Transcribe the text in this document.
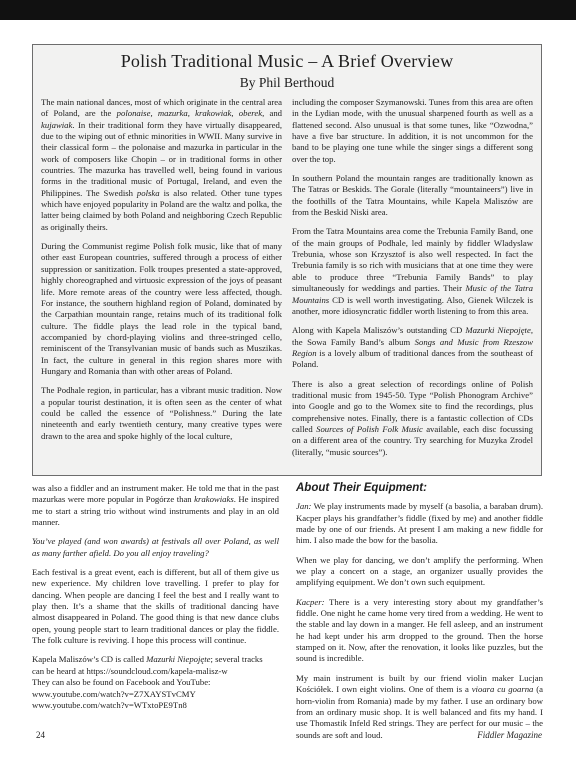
Polish Traditional Music – A Brief Overview
By Phil Berthoud

The main national dances, most of which originate in the central area of Poland, are the polonaise, mazurka, krakowiak, oberek, and kujawiak. In their traditional form they have virtually disappeared, due to the wiping out of ethnic minorities in WWII. Many survive in their classical form – the polonaise and mazurka in particular in the work of composers like Chopin – or in traditional forms in other countries. The mazurka has travelled well, being found in various forms in the traditional music of Portugal, Ireland, and even the Philippines. The Swedish polska is also related. Other tune types which have enjoyed popularity in Poland are the waltz and polka, the latter being claimed by both Poland and neighboring Czech Republic as originally theirs.

During the Communist regime Polish folk music, like that of many other east European countries, suffered through a process of either suppression or sanitization. Folk troupes presented a state-approved, highly choreographed and virtuosic expression of the joys of peasant life. More remote areas of the country were less affected, though. For instance, the southern highland region of Poland, dominated by the Carpathian mountain range, retains much of its traditional folk culture. The fiddle plays the lead role in the typical band, accompanied by chord-playing violins and three-stringed cello, reminiscent of the Transylvanian music of bands such as Muszikas. In fact, the culture in general in this region shares more with Hungary and Romania than with other areas of Poland.

The Podhale region, in particular, has a vibrant music tradition. Now a popular tourist destination, it is often seen as the center of what could be called the essence of “Polishness.” During the late nineteenth and early twentieth century, many creative types were drawn to the area and spoke highly of the local culture,

including the composer Szymanowski. Tunes from this area are often in the Lydian mode, with the unusual sharpened fourth as well as a flattened second. Also unusual is that some tunes, like “Ozwodna,” have a five bar structure. In addition, it is not uncommon for the band to be playing one tune while the singer sings a different song over the top.

In southern Poland the mountain ranges are traditionally known as The Tatras or Beskids. The Gorale (literally “mountaineers”) live in the foothills of the Tatra Mountains, while Kapela Maliszów are from the Beskid Niski area.

From the Tatra Mountains area come the Trebunia Family Band, one of the main groups of Podhale, led mainly by fiddler Wladyslaw Trebunia, whose son Krzysztof is also well respected. In fact the Trebunia family is so rich with musicians that at one time they were able to produce three “Trebunia Family Bands” to play simultaneously for weddings and parties. Their Music of the Tatra Mountains CD is well worth investigating. Also, Gienek Wilczek is another, more idiosyncratic fiddler worth listening to from this area.

Along with Kapela Maliszów’s outstanding CD Mazurki Niepojęte, the Sowa Family Band’s album Songs and Music from Rzeszow Region is a lovely album of traditional dances from the southeast of Poland.

There is also a great selection of recordings online of Polish traditional music from 1945-50. Type “Polish Phonogram Archive” into Google and go to the Womex site to find the recordings, plus comprehensive notes. Finally, there is a fantastic collection of CDs called Sources of Polish Folk Music available, each disc focussing on a different area of the country. Try searching for Muzyka Zrodel (literally, “music sources”).

was also a fiddler and an instrument maker. He told me that in the past mazurkas were more popular in Pogórze than krakowiaks. He inspired me to start a string trio without wind instruments and play in an old manner.

You’ve played (and won awards) at festivals all over Poland, as well as many farther afield. Do you all enjoy traveling?

Each festival is a great event, each is different, but all of them give us new experience. My children love travelling. I prefer to play for dancing. When people are dancing I feel the best and I really want to play then. It’s a shame that the skills of traditional dancing have almost disappeared in Poland. The good thing is that new dance clubs open, young people start to learn traditional dances or play the fiddle. The folk culture is reviving. I hope this process will continue.

Kapela Maliszów’s CD is called Mazurki Niepojęte; several tracks
can be heard at https://soundcloud.com/kapela-malisz-w
They can also be found on Facebook and YouTube:
www.youtube.com/watch?v=Z7XAYSTvCMY
www.youtube.com/watch?v=WTxtoPE9Tn8

About Their Equipment:

Jan: We play instruments made by myself (a basolia, a baraban drum). Kacper plays his grandfather’s fiddle (fixed by me) and another fiddle made by one of our friends. At present I am making a new fiddle for him. I also made the bow for the basolia.

When we play for dancing, we don’t amplify the performing. When we play a concert on a stage, an organizer usually provides the amplifying equipment. We don’t own such equipment.

Kacper: There is a very interesting story about my grandfather’s fiddle. One night he came home very tired from a wedding. He went to the stable and lay down in a manger. He fell asleep, and an instrument he had kept under his arm dropped to the ground. Then the horse stamped on it. Now, after the renovation, it looks like puzzles, but the sound is incredible.

My main instrument is built by our friend violin maker Lucjan Kościółek. I own eight violins. One of them is a vioara cu goarna (a horn-violin from Romania) made by my father. I use an ordinary bow from an ordinary music shop. It is well balanced and fits my hand. I use Thomastik Infeld Red strings. They are perfect for our music – the sounds are soft and loud.

24	Fiddler Magazine
